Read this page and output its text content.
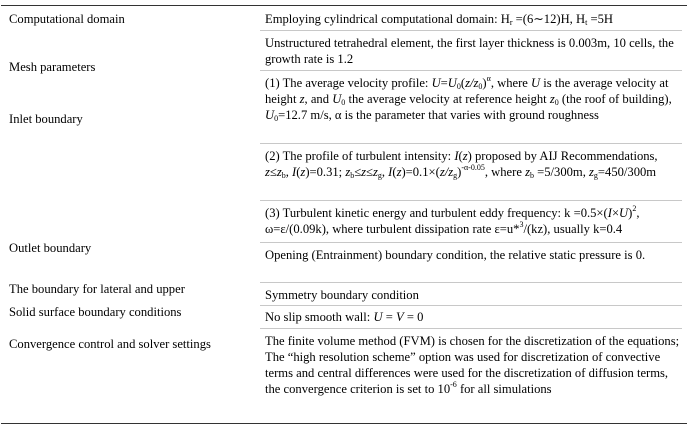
Computational domain
Mesh parameters
Inlet boundary
Outlet boundary
The boundary for lateral and upper
Solid surface boundary conditions
Convergence control and solver settings
Employing cylindrical computational domain: $H_r$ =(6∼12)H, $H_t =5H$
Unstructured tetrahedral element, the first layer thickness is 0.003m, 10 cells, the growth rate is 1.2
(1) The average velocity profile: $U=U_0(z/z_0)^\alpha$, where U is the average velocity at height z, and $U_0$ the average velocity at reference height $z_0$ (the roof of building), $U_0=12.7$ m/s, α is the parameter that varies with ground roughness
(2) The profile of turbulent intensity: I(z) proposed by AIJ Recommendations, $z\le z_b$, I(z)=0.31; $z_b\le z\le z_g$, $I(z)=0.1\times(z/z_g)^{-\alpha-0.05}$, where $z_b =5/300m$, $z_g=450/300m$
(3) Turbulent kinetic energy and turbulent eddy frequency: $k =0.5\times(I\times U)^2$, ω=ε/(0.09k), where turbulent dissipation rate ε=u*$^3$/(kz), usually k=0.4
Opening (Entrainment) boundary condition, the relative static pressure is 0.
Symmetry boundary condition
No slip smooth wall: U = V = 0
The finite volume method (FVM) is chosen for the discretization of the equations; The “high resolution scheme” option was used for discretization of convective terms and central differences were used for the discretization of diffusion terms, the convergence criterion is set to $10^{-6}$ for all simulations
